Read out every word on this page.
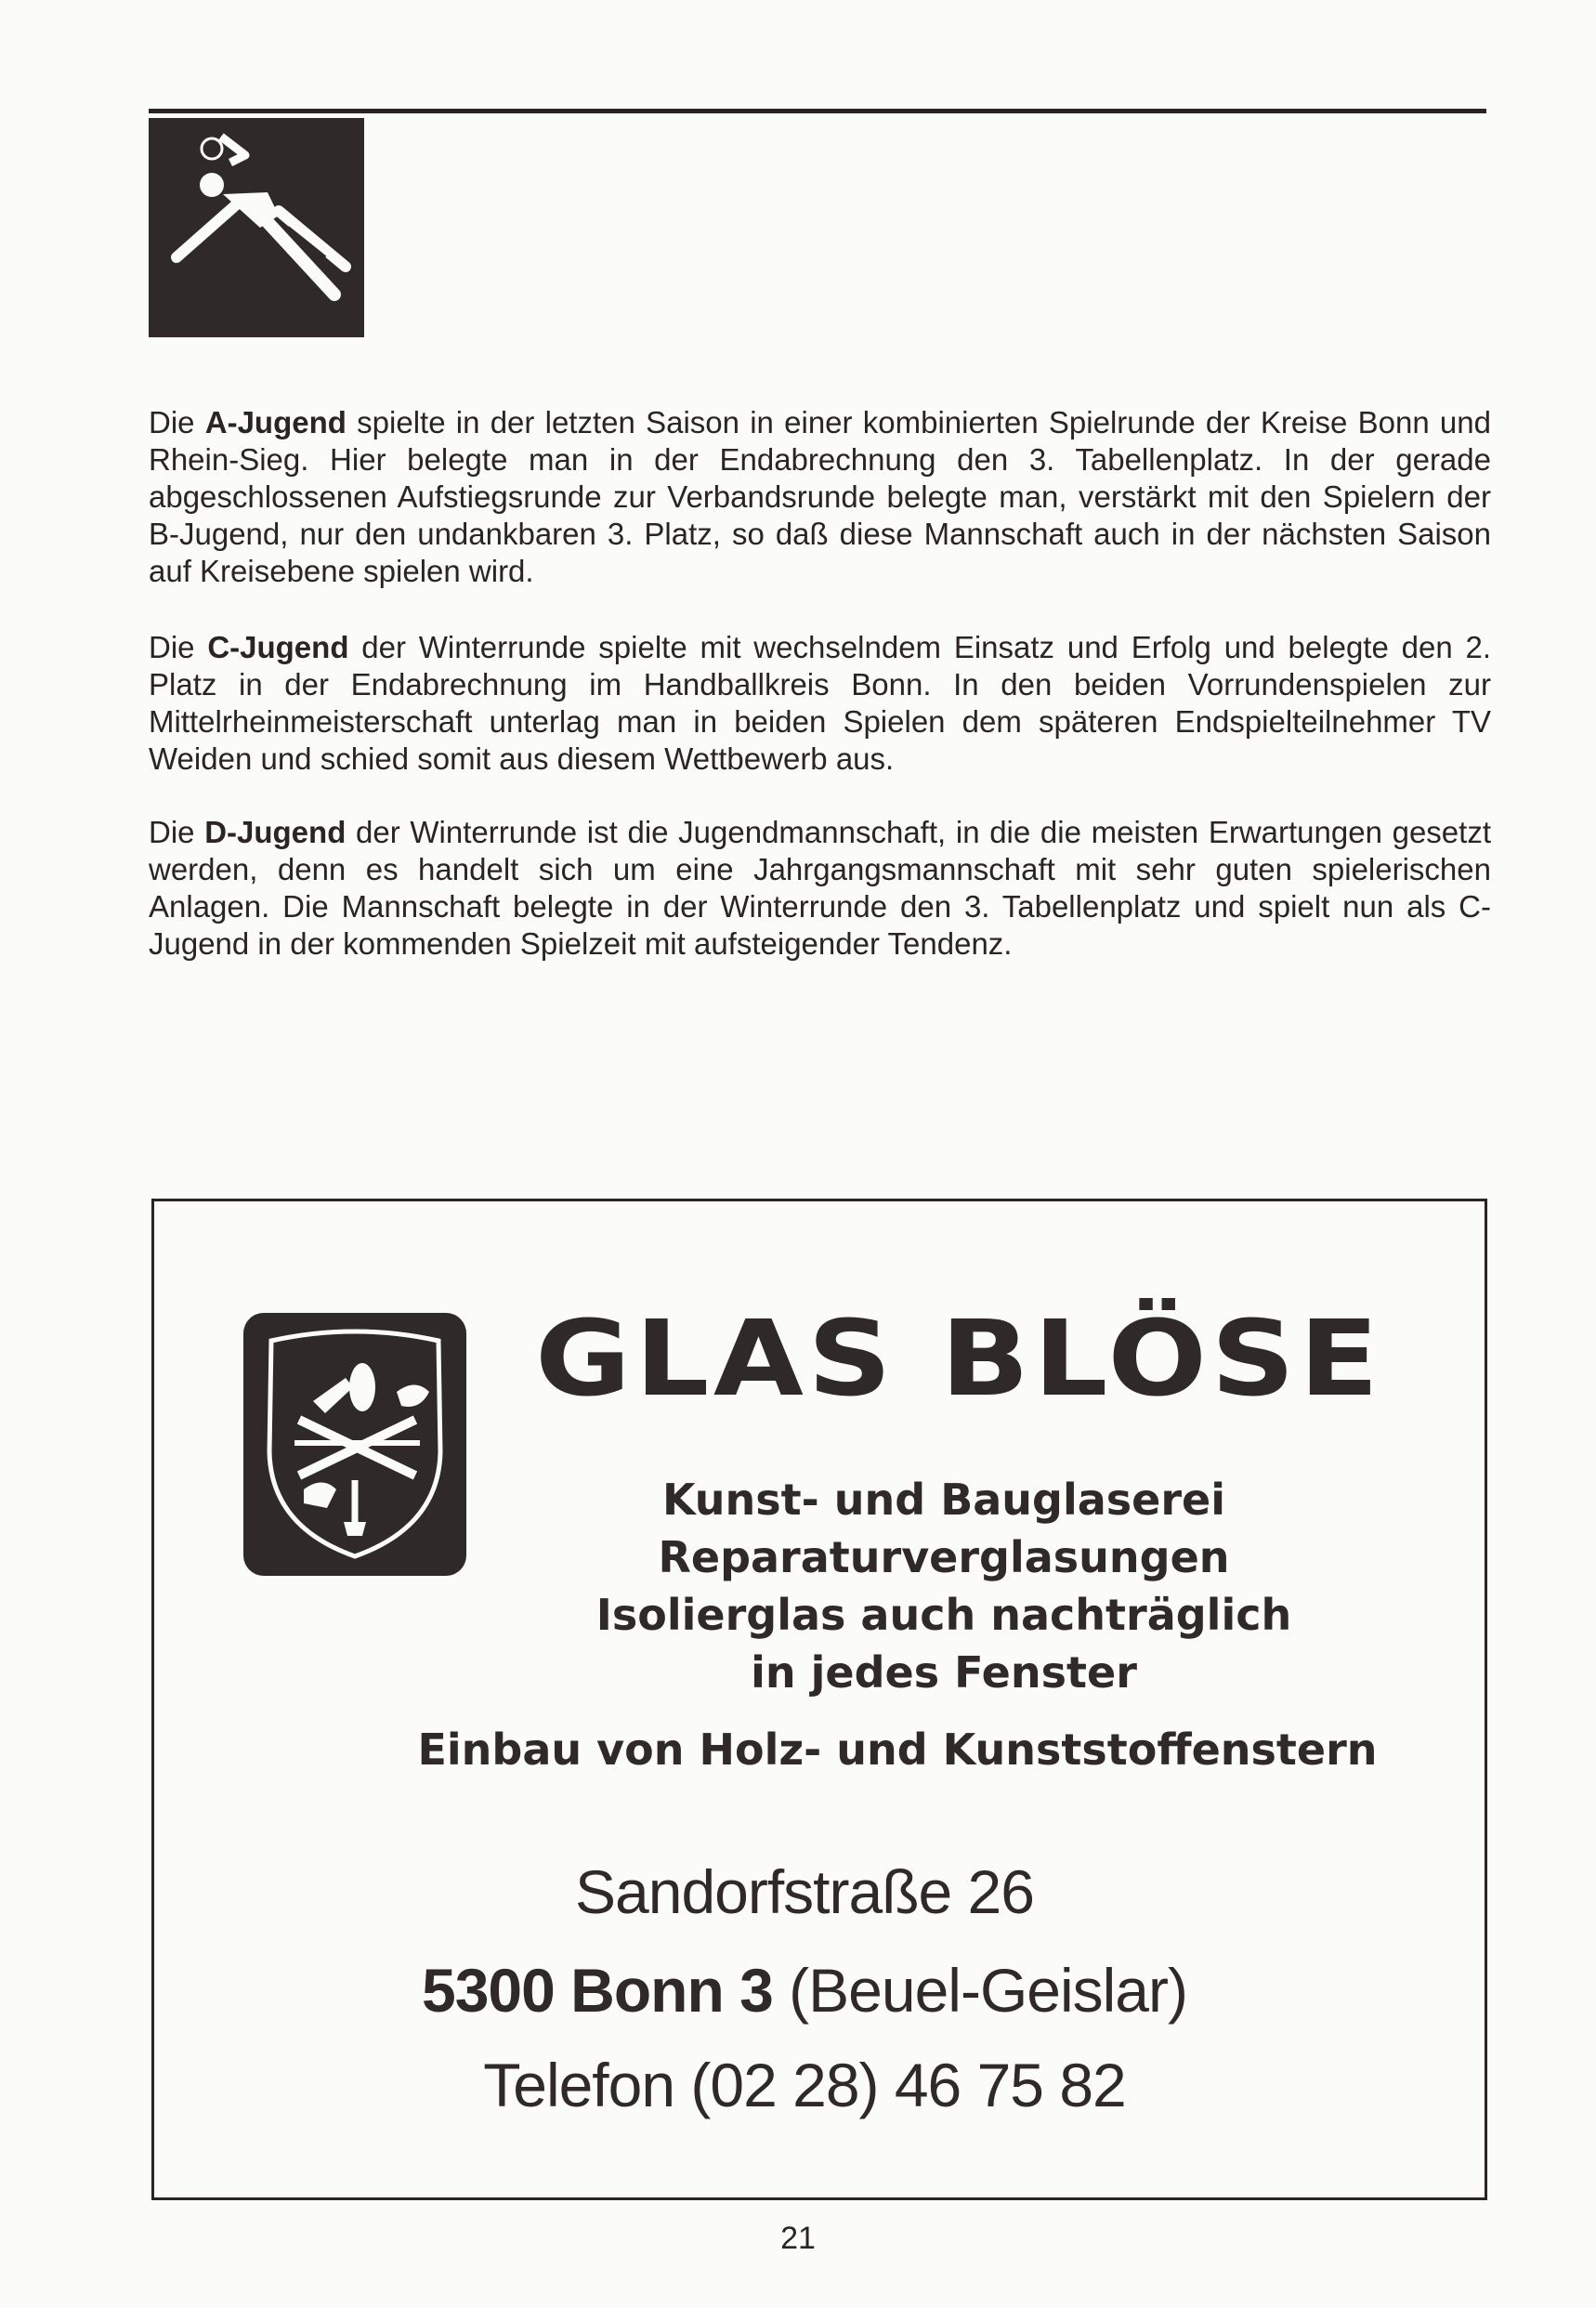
Die A-Jugend spielte in der letzten Saison in einer kombinierten Spielrunde der Kreise Bonn und Rhein-Sieg. Hier belegte man in der Endabrechnung den 3. Tabellenplatz. In der gerade abgeschlossenen Aufstiegsrunde zur Verbandsrunde belegte man, verstärkt mit den Spielern der B-Jugend, nur den undankbaren 3. Platz, so daß diese Mannschaft auch in der nächsten Saison auf Kreisebene spielen wird.
Die C-Jugend der Winterrunde spielte mit wechselndem Einsatz und Erfolg und belegte den 2. Platz in der Endabrechnung im Handballkreis Bonn. In den beiden Vorrundenspielen zur Mittelrheinmeisterschaft unterlag man in beiden Spielen dem späteren Endspielteilnehmer TV Weiden und schied somit aus diesem Wettbewerb aus.
Die D-Jugend der Winterrunde ist die Jugendmannschaft, in die die meisten Erwartungen gesetzt werden, denn es handelt sich um eine Jahrgangsmannschaft mit sehr guten spielerischen Anlagen. Die Mannschaft belegte in der Winterrunde den 3. Tabellenplatz und spielt nun als C-Jugend in der kommenden Spielzeit mit aufsteigender Tendenz.
GLAS BLÖSE
Kunst- und Bauglaserei
Reparaturverglasungen
Isolierglas auch nachträglich
in jedes Fenster
Einbau von Holz- und Kunststoffenstern
Sandorfstraße 26
5300 Bonn 3 (Beuel-Geislar)
Telefon (02 28) 46 75 82
21
